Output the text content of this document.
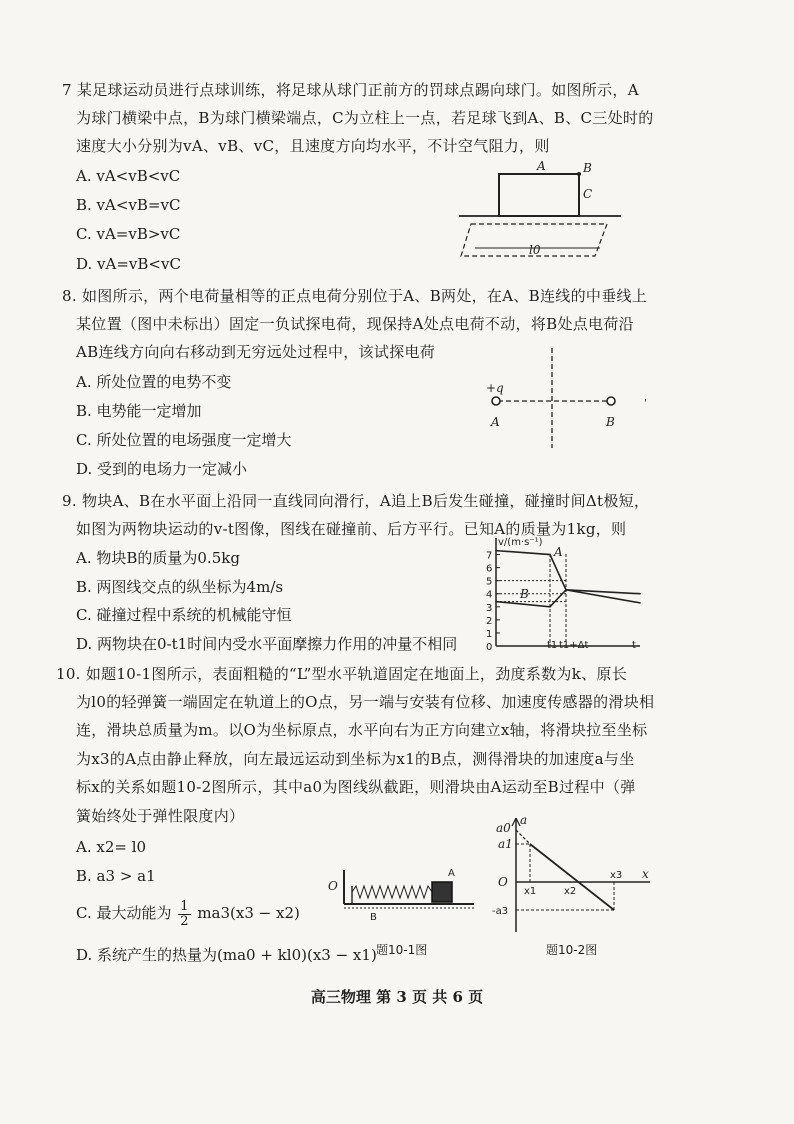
7 某足球运动员进行点球训练，将足球从球门正前方的罚球点踢向球门。如图所示，A
为球门横梁中点，B为球门横梁端点，C为立柱上一点，若足球飞到A、B、C三处时的
速度大小分别为vA、vB、vC，且速度方向均水平，不计空气阻力，则
A. vA<vB<vC
B. vA<vB=vC
C. vA=vB>vC
D. vA=vB<vC
A	B
C
l0
8. 如图所示，两个电荷量相等的正点电荷分别位于A、B两处，在A、B连线的中垂线上
某位置（图中未标出）固定一负试探电荷，现保持A处点电荷不动，将B处点电荷沿
AB连线方向向右移动到无穷远处过程中，该试探电荷
A. 所处位置的电势不变
B. 电势能一定增加
C. 所处位置的电场强度一定增大
D. 受到的电场力一定减小
+q
A	B
'
9. 物块A、B在水平面上沿同一直线同向滑行，A追上B后发生碰撞，碰撞时间Δt极短，
如图为两物块运动的v-t图像，图线在碰撞前、后方平行。已知A的质量为1kg，则
A. 物块B的质量为0.5kg
B. 两图线交点的纵坐标为4m/s
C. 碰撞过程中系统的机械能守恒
D. 两物块在0-t1时间内受水平面摩擦力作用的冲量不相同
v/(m·s⁻¹)
7
6
5
4
3
2
1
0
A
B
t1 t1+Δt	t
10. 如题10-1图所示，表面粗糙的“L”型水平轨道固定在地面上，劲度系数为k、原长
为l0的轻弹簧一端固定在轨道上的O点，另一端与安装有位移、加速度传感器的滑块相
连，滑块总质量为m。以O为坐标原点，水平向右为正方向建立x轴，将滑块拉至坐标
为x3的A点由静止释放，向左最远运动到坐标为x1的B点，测得滑块的加速度a与坐
标x的关系如题10-2图所示，其中a0为图线纵截距，则滑块由A运动至B过程中（弹
簧始终处于弹性限度内）
A. x2= l0
B. a3 > a1
C. 最大动能为 $\frac{1}{2} ma3(x3 - x2)$
D. 系统产生的热量为(ma0 + kl0)(x3 − x1)
O
A
B
题10-1图
a0
a
a1
O
x1	x2
x3 x
-a3
题10-2图
高三物理 第 3 页 共 6 页
